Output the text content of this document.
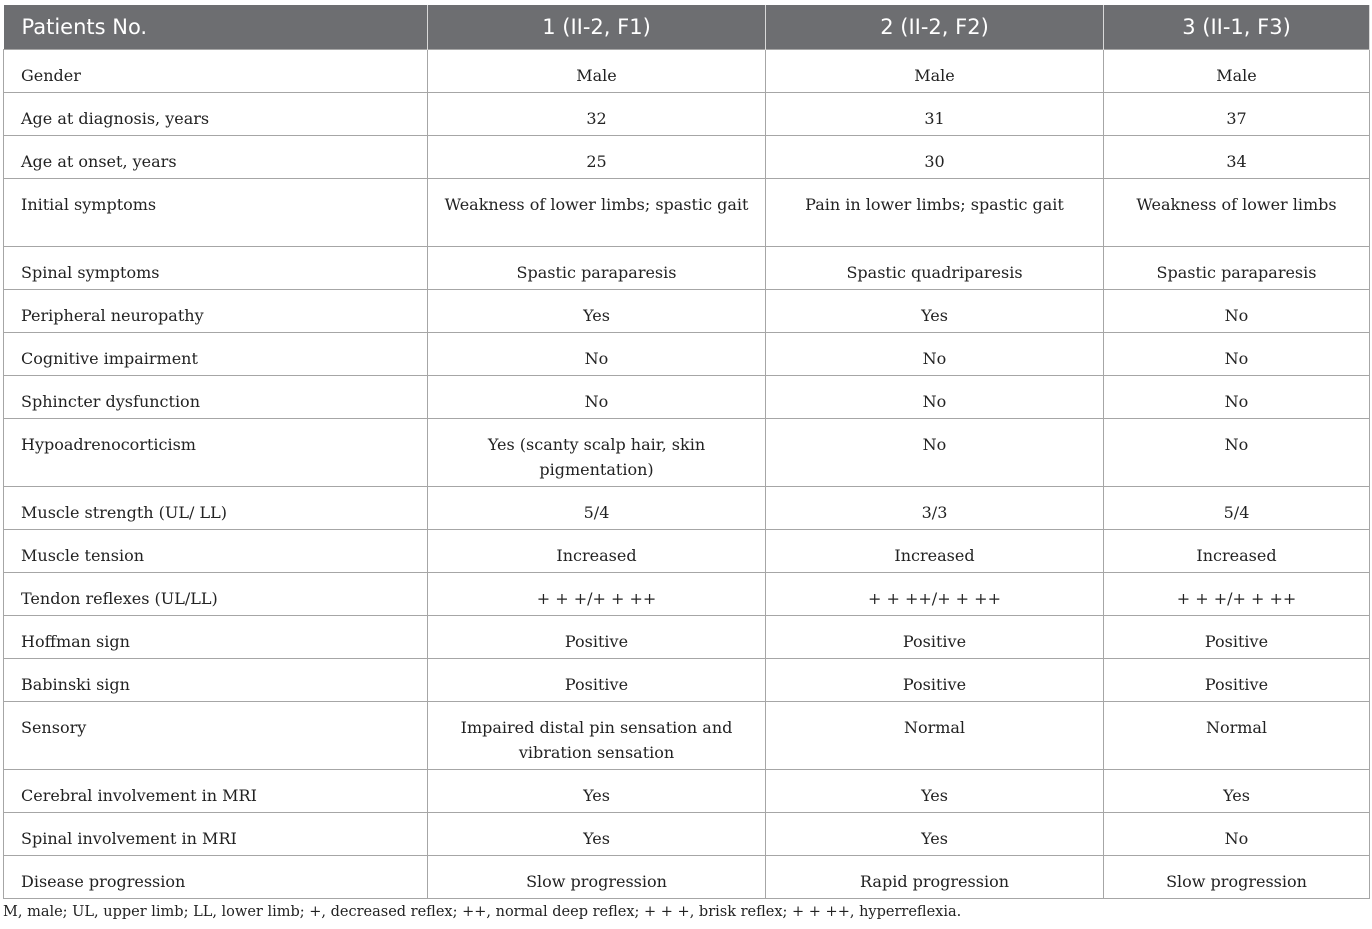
Patients No.	1 (II-2, F1)	2 (II-2, F2)	3 (II-1, F3)
Gender	Male	Male	Male
Age at diagnosis, years	32	31	37
Age at onset, years	25	30	34
Initial symptoms	Weakness of lower limbs; spastic gait	Pain in lower limbs; spastic gait	Weakness of lower limbs
Spinal symptoms	Spastic paraparesis	Spastic quadriparesis	Spastic paraparesis
Peripheral neuropathy	Yes	Yes	No
Cognitive impairment	No	No	No
Sphincter dysfunction	No	No	No
Hypoadrenocorticism	Yes (scanty scalp hair, skin pigmentation)	No	No
Muscle strength (UL/ LL)	5/4	3/3	5/4
Muscle tension	Increased	Increased	Increased
Tendon reflexes (UL/LL)	+ + +/+ + ++	+ + ++/+ + ++	+ + +/+ + ++
Hoffman sign	Positive	Positive	Positive
Babinski sign	Positive	Positive	Positive
Sensory	Impaired distal pin sensation and vibration sensation	Normal	Normal
Cerebral involvement in MRI	Yes	Yes	Yes
Spinal involvement in MRI	Yes	Yes	No
Disease progression	Slow progression	Rapid progression	Slow progression
M, male; UL, upper limb; LL, lower limb; +, decreased reflex; ++, normal deep reflex; + + +, brisk reflex; + + ++, hyperreflexia.
